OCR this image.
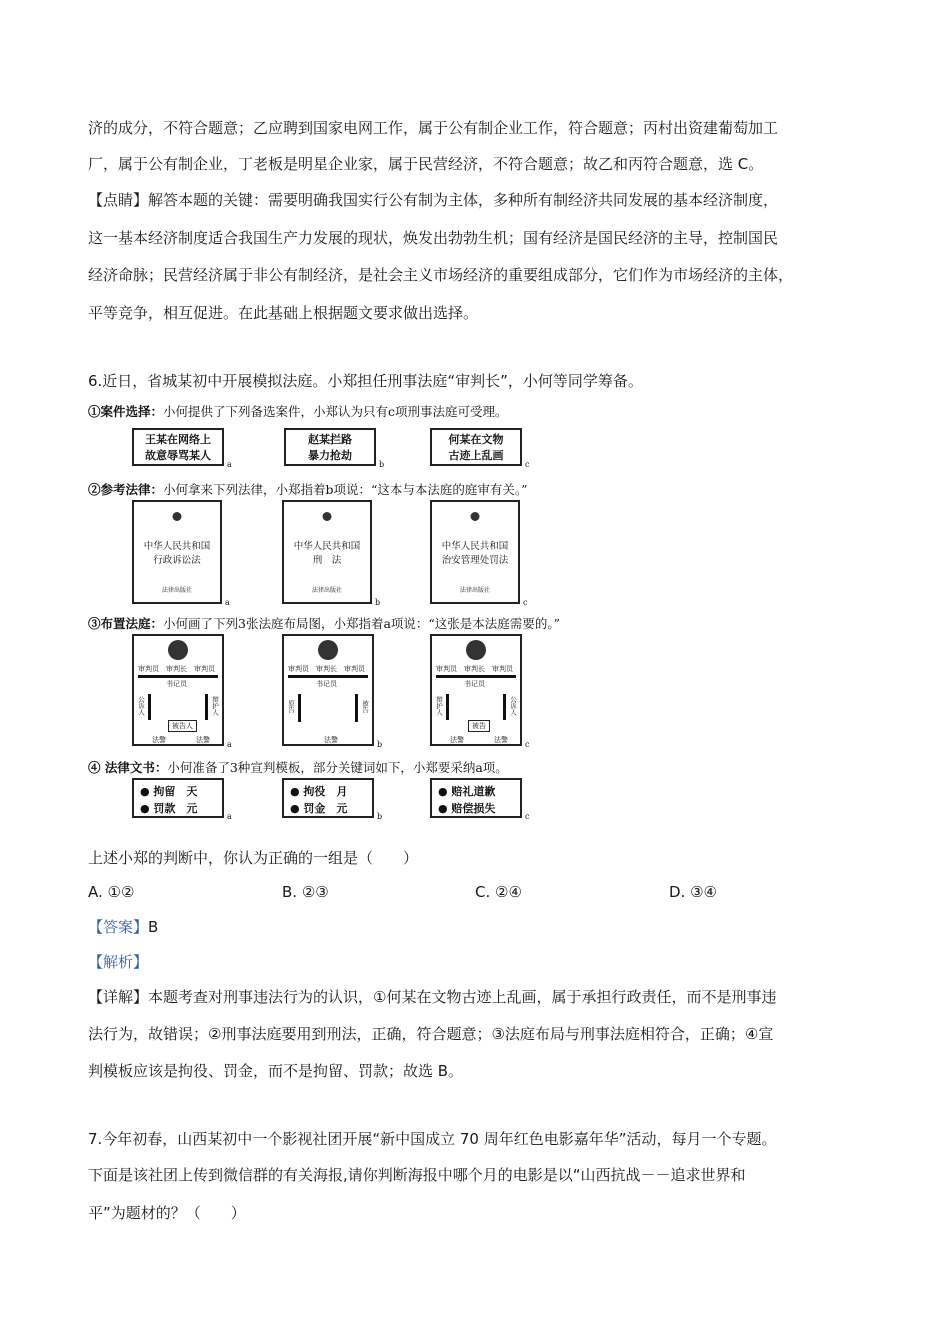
济的成分，不符合题意；乙应聘到国家电网工作，属于公有制企业工作，符合题意；丙村出资建葡萄加工
厂，属于公有制企业，丁老板是明星企业家，属于民营经济，不符合题意；故乙和丙符合题意，选 C。
【点睛】解答本题的关键：需要明确我国实行公有制为主体，多种所有制经济共同发展的基本经济制度，
这一基本经济制度适合我国生产力发展的现状，焕发出勃勃生机；国有经济是国民经济的主导，控制国民
经济命脉；民营经济属于非公有制经济，是社会主义市场经济的重要组成部分，它们作为市场经济的主体，
平等竞争，相互促进。在此基础上根据题文要求做出选择。
6.近日，省城某初中开展模拟法庭。小郑担任刑事法庭“审判长”，小何等同学筹备。
①案件选择：小何提供了下列备选案件，小郑认为只有c项刑事法庭可受理。
王某在网络上
故意辱骂某人
a
赵某拦路
暴力抢劫
b
何某在文物
古迹上乱画
c
②参考法律：小何拿来下列法律，小郑指着b项说：“这本与本法庭的庭审有关。”
中华人民共和国
行政诉讼法
法律出版社
a
中华人民共和国
刑　法
法律出版社
b
中华人民共和国
治安管理处罚法
法律出版社
c
③布置法庭：小何画了下列3张法庭布局图，小郑指着a项说：“这张是本法庭需要的。”
审判员　审判长　审判员
书记员
公诉人	辩护人
被告人
法警	法警 a
审判员　审判长　审判员
书记员
原告	被告
法警	b
审判员　审判长　审判员
书记员
辩护人	公诉人
被告
法警	法警 c
④ 法律文书：小何准备了3种宣判模板，部分关键词如下，小郑要采纳a项。
● 拘留　天
● 罚款　元
a
● 拘役　月
● 罚金　元
b
● 赔礼道歉
● 赔偿损失
c
上述小郑的判断中，你认为正确的一组是（　　）
A. ①②	B. ②③	C. ②④	D. ③④
【答案】B
【解析】
【详解】本题考查对刑事违法行为的认识，①何某在文物古迹上乱画，属于承担行政责任，而不是刑事违
法行为，故错误；②刑事法庭要用到刑法，正确，符合题意；③法庭布局与刑事法庭相符合，正确；④宣
判模板应该是拘役、罚金，而不是拘留、罚款；故选 B。
7.今年初春，山西某初中一个影视社团开展“新中国成立 70 周年红色电影嘉年华”活动，每月一个专题。
下面是该社团上传到微信群的有关海报,请你判断海报中哪个月的电影是以“山西抗战－－追求世界和
平”为题材的？（　　）
